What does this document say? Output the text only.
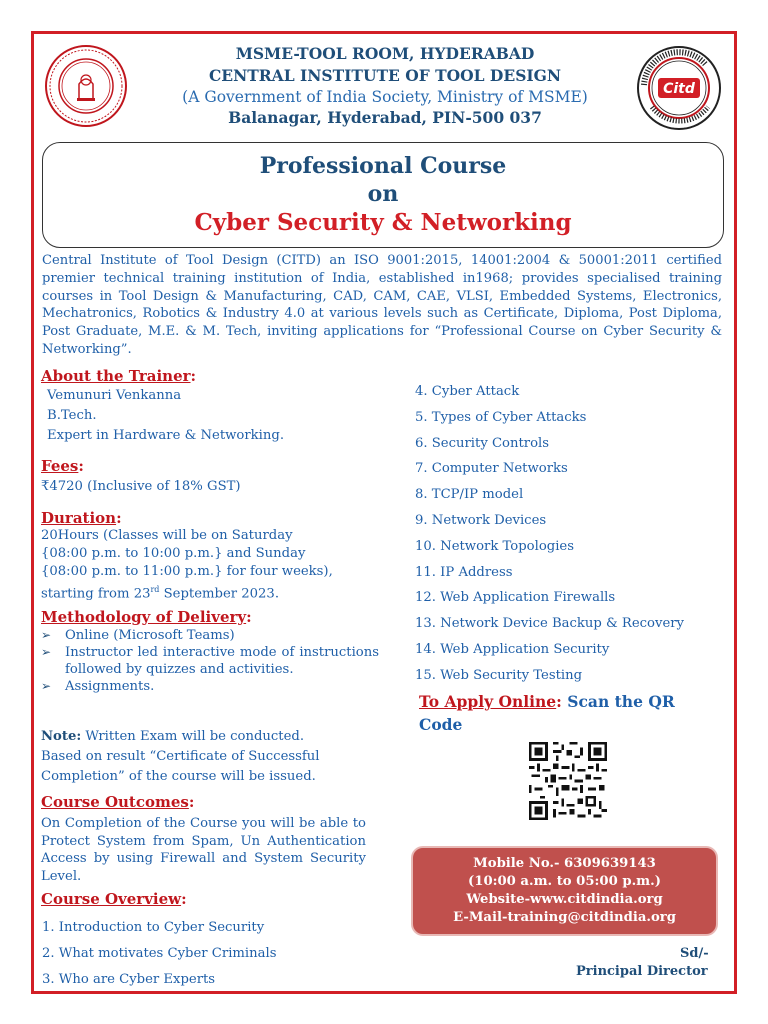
Citd
MSME-TOOL ROOM, HYDERABAD
CENTRAL INSTITUTE OF TOOL DESIGN
(A Government of India Society, Ministry of MSME)
Balanagar, Hyderabad, PIN-500 037
Professional Course
on
Cyber Security & Networking
Central Institute of Tool Design (CITD) an ISO 9001:2015, 14001:2004 & 50001:2011 certified premier technical training institution of India, established in1968; provides specialised training courses in Tool Design & Manufacturing, CAD, CAM, CAE, VLSI, Embedded Systems, Electronics, Mechatronics, Robotics & Industry 4.0 at various levels such as Certificate, Diploma, Post Diploma, Post Graduate, M.E. & M. Tech, inviting applications for “Professional Course on Cyber Security & Networking”.
About the Trainer:
Vemunuri Venkanna
B.Tech.
Expert in Hardware & Networking.
Fees:
₹4720 (Inclusive of 18% GST)
Duration:
20Hours (Classes will be on Saturday
{08:00 p.m. to 10:00 p.m.} and Sunday
{08:00 p.m. to 11:00 p.m.} for four weeks),
starting from 23rd September 2023.
Methodology of Delivery:
➢ Online (Microsoft Teams)
➢ Instructor led interactive mode of instructions followed by quizzes and activities.
➢ Assignments.
Note: Written Exam will be conducted.
Based on result “Certificate of Successful
Completion” of the course will be issued.
Course Outcomes:
On Completion of the Course you will be able to Protect System from Spam, Un Authentication Access by using Firewall and System Security Level.
Course Overview:
1. Introduction to Cyber Security
2. What motivates Cyber Criminals
3. Who are Cyber Experts
4. Cyber Attack
5. Types of Cyber Attacks
6. Security Controls
7. Computer Networks
8. TCP/IP model
9. Network Devices
10. Network Topologies
11. IP Address
12. Web Application Firewalls
13. Network Device Backup & Recovery
14. Web Application Security
15. Web Security Testing
To Apply Online: Scan the QR Code
Mobile No.- 6309639143
(10:00 a.m. to 05:00 p.m.)
Website-www.citdindia.org
E-Mail-training@citdindia.org
Sd/-
Principal Director
